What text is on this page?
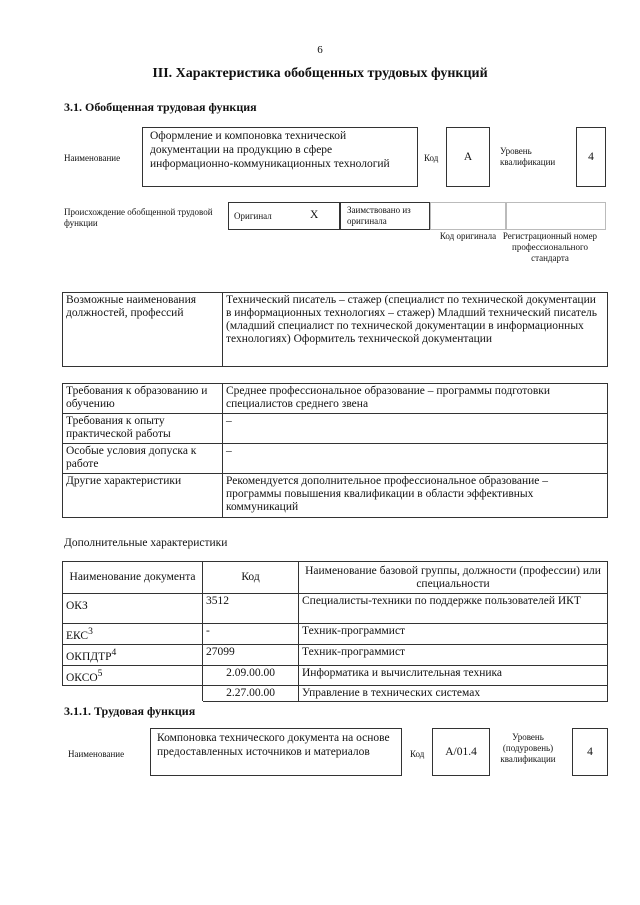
6
III. Характеристика обобщенных трудовых функций
3.1. Обобщенная трудовая функция
Наименование
Оформление и компоновка технической документации на продукцию в сфере информационно-коммуникационных технологий	Код	A	Уровень квалификации	4
Происхождение обобщенной трудовой функции
Оригинал	X	Заимствовано из оригинала
Код оригинала Регистрационный номер профессионального стандарта
Возможные наименования должностей, профессий	Технический писатель – стажер (специалист по технической документации в информационных технологиях – стажер) Младший технический писатель (младший специалист по технической документации в информационных технологиях) Оформитель технической документации
Требования к образованию и обучению	Среднее профессиональное образование – программы подготовки специалистов среднего звена
Требования к опыту практической работы	–
Особые условия допуска к работе	–
Другие характеристики	Рекомендуется дополнительное профессиональное образование – программы повышения квалификации в области эффективных коммуникаций
Дополнительные характеристики
Наименование документа	Код	Наименование базовой группы, должности (профессии) или специальности
ОКЗ	3512	Специалисты-техники по поддержке пользователей ИКТ
ЕКС$^3$	-	Техник-программист
ОКПДТР$^4$	27099	Техник-программист
ОКСО$^5$	2.09.00.00	Информатика и вычислительная техника
	2.27.00.00	Управление в технических системах
3.1.1. Трудовая функция
Наименование
Компоновка технического документа на основе предоставленных источников и материалов	Код	A/01.4
Уровень (подуровень) квалификации
4
